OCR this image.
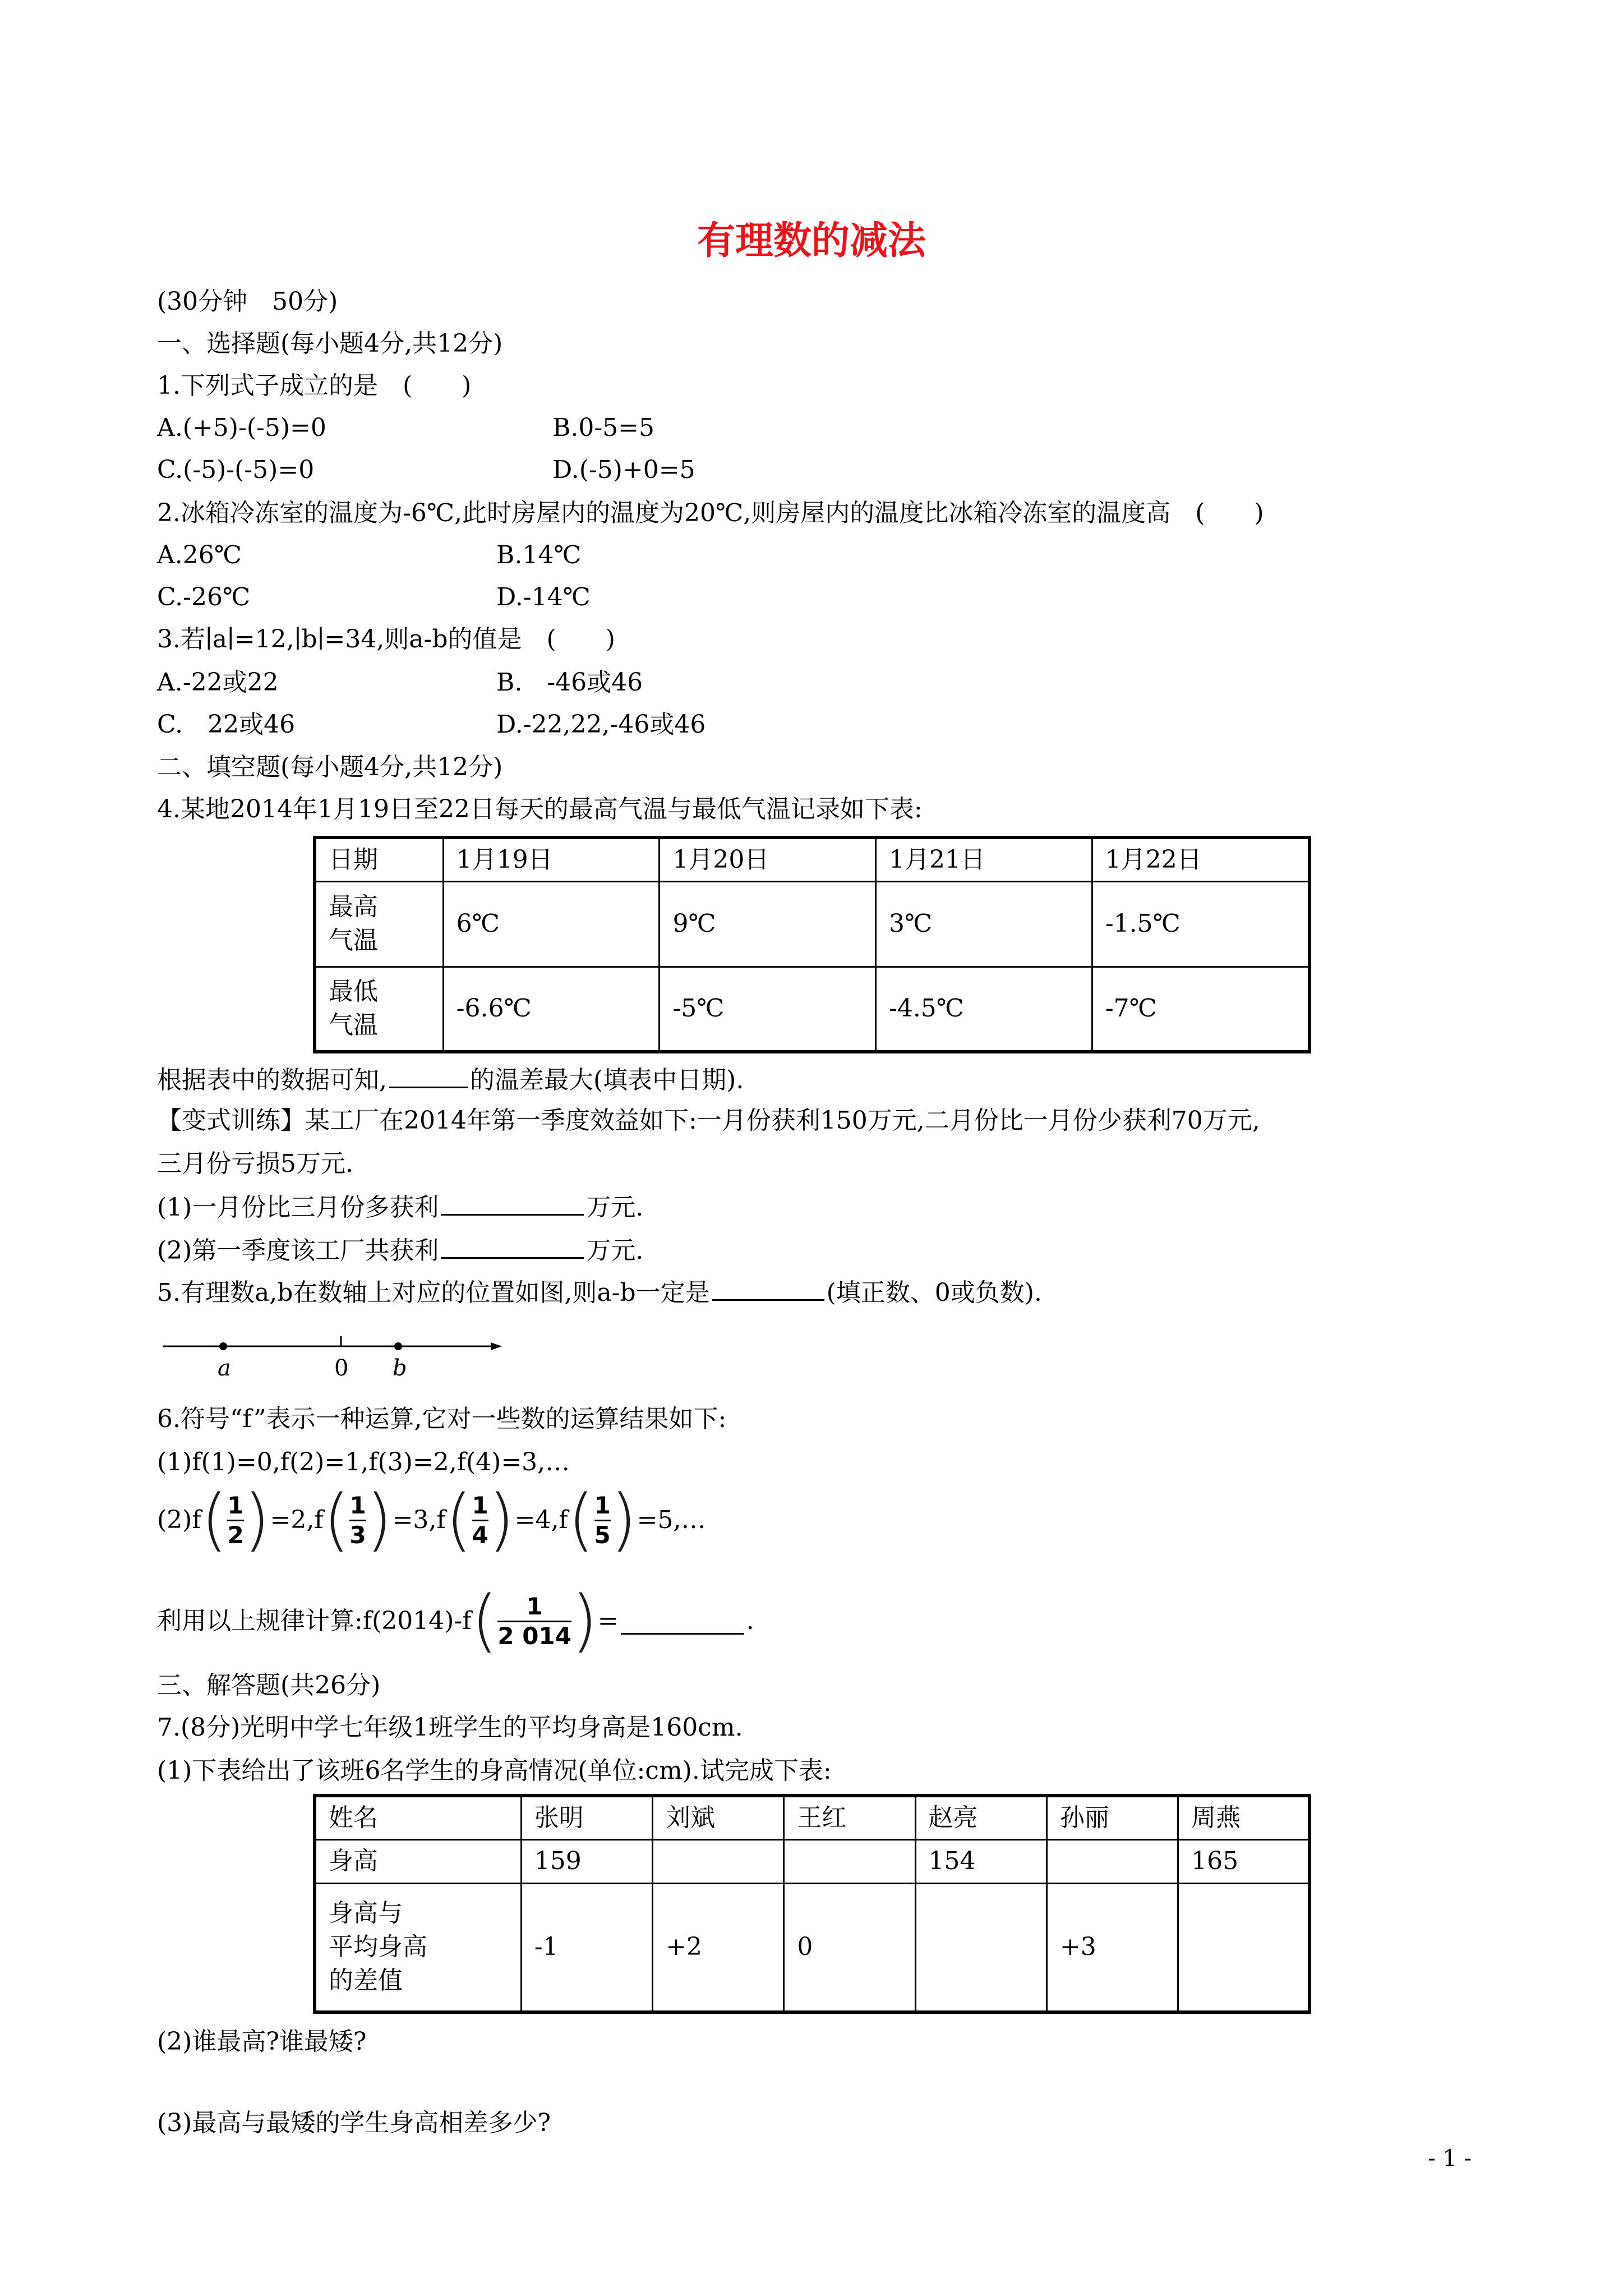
有理数的减法
(30分钟　50分)
一、选择题(每小题4分,共12分)
1.下列式子成立的是　(　　)
A.(+5)-(-5)=0	B.0-5=5
C.(-5)-(-5)=0	D.(-5)+0=5
2.冰箱冷冻室的温度为-6℃,此时房屋内的温度为20℃,则房屋内的温度比冰箱冷冻室的温度高　(　　)
A.26℃	B.14℃
C.-26℃	D.-14℃
3.若∣a∣=12,∣b∣=34,则a-b的值是　(　　)
A.-22或22	B.　-46或46
C.　22或46	D.-22,22,-46或46
二、填空题(每小题4分,共12分)
4.某地2014年1月19日至22日每天的最高气温与最低气温记录如下表:
日期	1月19日	1月20日	1月21日	1月22日
最高
气温	6℃	9℃	3℃	-1.5℃
最低
气温	-6.6℃	-5℃	-4.5℃	-7℃
根据表中的数据可知,	的温差最大(填表中日期).
【变式训练】某工厂在2014年第一季度效益如下:一月份获利150万元,二月份比一月份少获利70万元,
三月份亏损5万元.
(1)一月份比三月份多获利	万元.
(2)第一季度该工厂共获利	万元.
5.有理数a,b在数轴上对应的位置如图,则a-b一定是	(填正数、0或负数).
a	0 b
6.符号“f”表示一种运算,它对一些数的运算结果如下:
(1)f(1)=0,f(2)=1,f(3)=2,f(4)=3,…
(2)f ( $\frac{1}{2}$ ) =2,f ( $\frac{1}{3}$ ) =3,f ( $\frac{1}{4}$ ) =4,f ( $\frac{1}{5}$ ) =5,…
利用以上规律计算:f(2014)-f ( $\frac{1}{2 014}$ ) =	.
三、解答题(共26分)
7.(8分)光明中学七年级1班学生的平均身高是160cm.
(1)下表给出了该班6名学生的身高情况(单位:cm).试完成下表:
姓名	张明	刘斌	王红	赵亮	孙丽	周燕
身高	159			154		165
身高与
平均身高
的差值	-1	+2	0		+3	
(2)谁最高?谁最矮?
(3)最高与最矮的学生身高相差多少?
- 1 -
